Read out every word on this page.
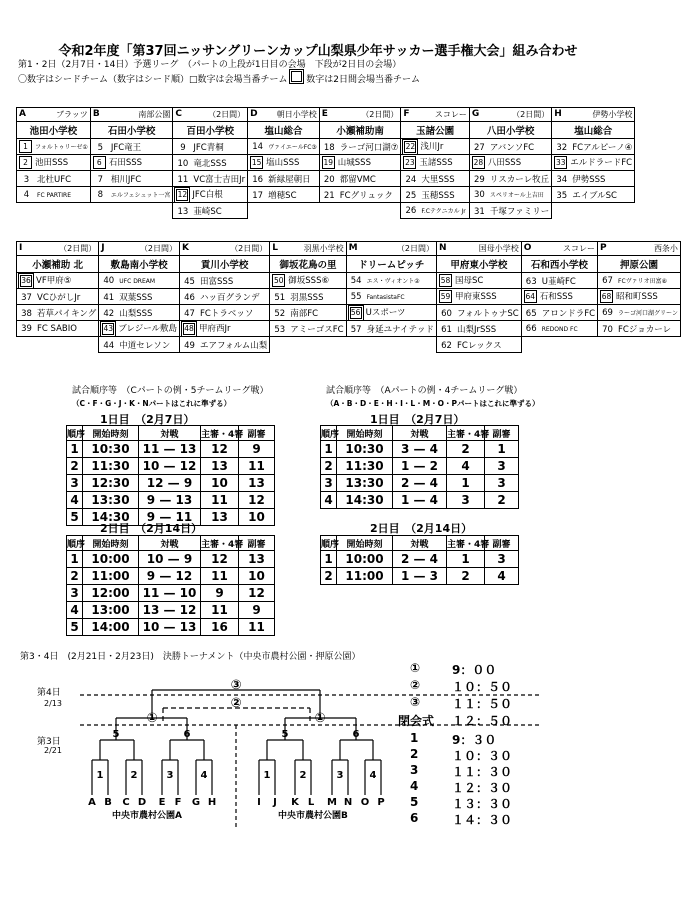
令和2年度「第37回ニッサングリーンカップ山梨県少年サッカー選手権大会」組み合わせ
第1・2日（2月7日・14日）予選リーグ　（パートの上段が1日目の会場　下段が2日目の会場）
〇数字はシードチーム（数字はシード順）□数字は会場当番チーム 数字は2日間会場当番チーム
A ブラッツ	B 南部公園	C （2日間）	D 朝日小学校	E （2日間）	F スコレー	G （2日間）	H 伊勢小学校

池田小学校	石田小学校	百田小学校	塩山総合	小瀬補助南	玉諸公園	八田小学校	塩山総合
1 フォルトゥリーゼ①	5 JFC竜王	9 JFC青桐	14 ヴァイエールFC③	18 ラーゴ河口湖⑦	22 浅川Jr	27 アバンソFC	32 FCアルピーノ④
2 池田SSS	6 石田SSS	10 竜北SSS	15 塩山SSS	19 山城SSS	23 玉諸SSS	28 八田SSS	33 エルドラードFC
3 北杜UFC	7 相川JFC	11 VC富士吉田Jr	16 新緑屋朝日	20 都留VMC	24 大里SSS	29 リスカーレ牧丘	34 伊勢SSS
4 FC PARTIRE	8 エルフェシュット一宮	12 JFC白根	17 増穂SC	21 FCグリュック	25 玉穂SSS	30 スペリオール上吉田	35 エイブルSC
		13 韮崎SC			26 F.Cテクニカル Jr	31 千塚ファミリー	
I （2日間）	J （2日間）	K （2日間）	L 羽黒小学校	M （2日間）	N 国母小学校	O スコレー	P 西条小

小瀬補助 北	敷島南小学校	貢川小学校	御坂花鳥の里	ドリームピッチ	甲府東小学校	石和西小学校	押原公園
36 VF甲府⑤	40 UFC DREAM	45 田富SSS	50 御坂SSS⑥	54 エス・ヴィオント②	58 国母SC	63 U韮崎FC	67 FCヴァリオ田富⑧
37 VCひがしJr	41 双葉SSS	46 ハッ百グランデ	51 羽黒SSS	55 FantasistaFC	59 甲府東SSS	64 石和SSS	68 昭和町SSS
38 若草パイキング	42 山梨SSS	47 FCトラベッソ	52 南部FC	56 Uスポーツ	60 フォルトゥナSC	65 アロンドラFC	69 ラーゴ河口湖グリーン
39 FC SABIO	43 ブレジール敷島	48 甲府西Jr	53 アミーゴスFC	57 身延ユナイテッド	61 山梨JrSSS	66 REDOND FC	70 FCジョカーレ
	44 中道セレソン	49 エアフォルム山梨			62 FCレックス		
試合順序等　（Cパートの例・5チームリーグ戦）
（C・F・G・J・K・Nパートはこれに準ずる）
1日目　（2月7日）
順序	開始時刻	対戦	主審・4審	副審
1	10:30	11 — 13	12	9
2	11:30	10 — 12	13	11
3	12:30	12 — 9	10	13
4	13:30	9 — 13	11	12
5	14:30	9 — 11	13	10
2日目　（2月14日）
順序	開始時刻	対戦	主審・4審	副審
1	10:00	10 — 9	12	13
2	11:00	9 — 12	11	10
3	12:00	11 — 10	9	12
4	13:00	13 — 12	11	9
5	14:00	10 — 13	16	11
試合順序等　（Aパートの例・4チームリーグ戦）
（A・B・D・E・H・I・L・M・O・Pパートはこれに準ずる）
1日目　（2月7日）
順序	開始時刻	対戦	主審・4審	副審
1	10:30	3 — 4	2	1
2	11:30	1 — 2	4	3
3	13:30	2 — 4	1	3
4	14:30	1 — 4	3	2
2日目　（2月14日）
順序	開始時刻	対戦	主審・4審	副審
1	10:00	2 — 4	1	3
2	11:00	1 — 3	2	4
第3・4日　(2月21日・2月23日)　決勝トーナメント（中央市農村公園・押原公園）
1	2	3	4	1	2	3	4
5	6	5	6
①	①
③
②
A B C D E F G H	I J K L M N O P
第4日
2/13
第3日
2/21
中央市農村公園A	中央市農村公園B
①	9：００
②	１０：５０
③	１１：５０
閉会式 １２：５０
1	9：３０
2	１０：３０
3	１１：３０
4	１２：３０
5	１３：３０
6	１４：３０
